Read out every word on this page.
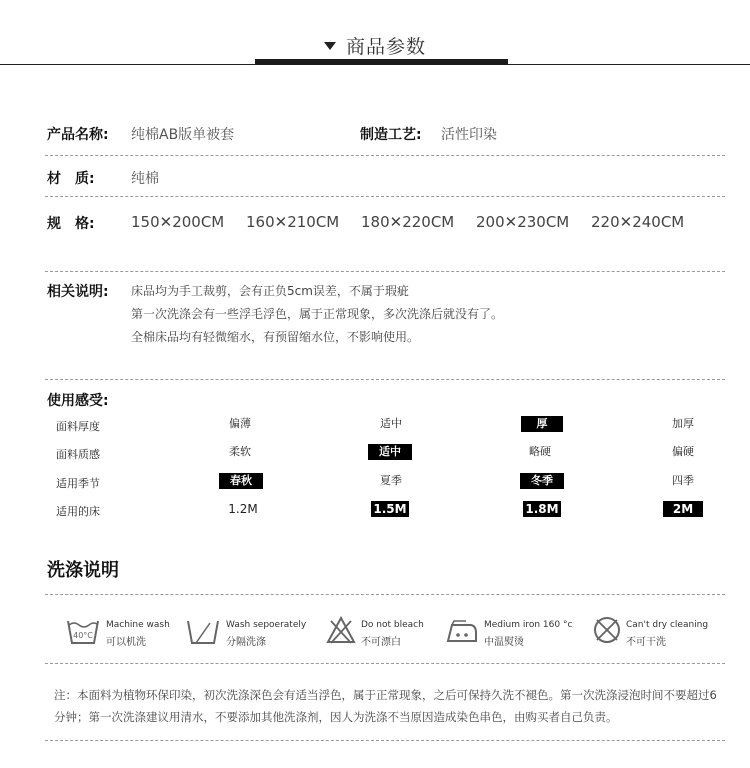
商品参数
产品名称: 纯棉AB版单被套	制造工艺: 活性印染
材　质:	纯棉
规　格: 150✕200CM 160✕210CM 180✕220CM 200✕230CM 220✕240CM
相关说明: 床品均为手工裁剪，会有正负5cm误差，不属于瑕疵
第一次洗涤会有一些浮毛浮色，属于正常现象，多次洗涤后就没有了。
全棉床品均有轻微缩水，有预留缩水位，不影响使用。
使用感受:
面料厚度	偏薄	适中	厚	加厚
面料质感	柔软	适中	略硬	偏硬
适用季节	春秋	夏季	冬季	四季
适用的床	1.2M	1.5M	1.8M	2M
洗涤说明
40°C
Machine wash
可以机洗
Wash sepoerately
分隔洗涤
Do not bleach
不可漂白
Medium iron 160 °c
中温熨烫
Can't dry cleaning
不可干洗
注：本面料为植物环保印染，初次洗涤深色会有适当浮色，属于正常现象，之后可保持久洗不褪色。第一次洗涤浸泡时间不要超过6分钟；第一次洗涤建议用清水，不要添加其他洗涤剂，因人为洗涤不当原因造成染色串色，由购买者自己负责。
